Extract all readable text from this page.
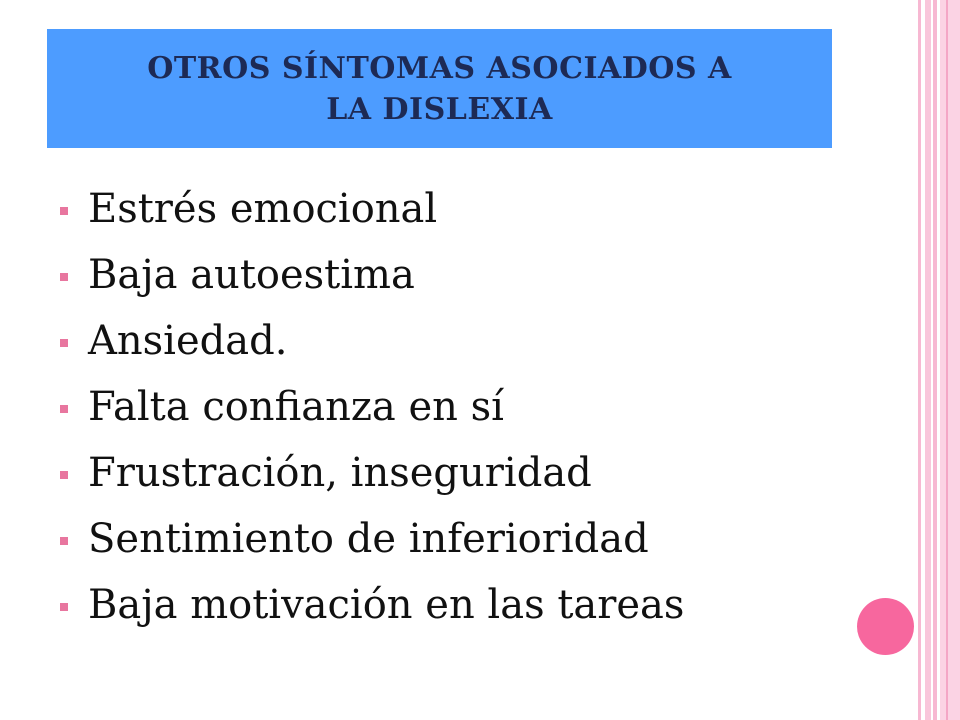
OTROS SÍNTOMAS ASOCIADOS A
LA DISLEXIA
Estrés emocional
Baja autoestima
Ansiedad.
Falta confianza en sí
Frustración, inseguridad
Sentimiento de inferioridad
Baja motivación en las tareas
